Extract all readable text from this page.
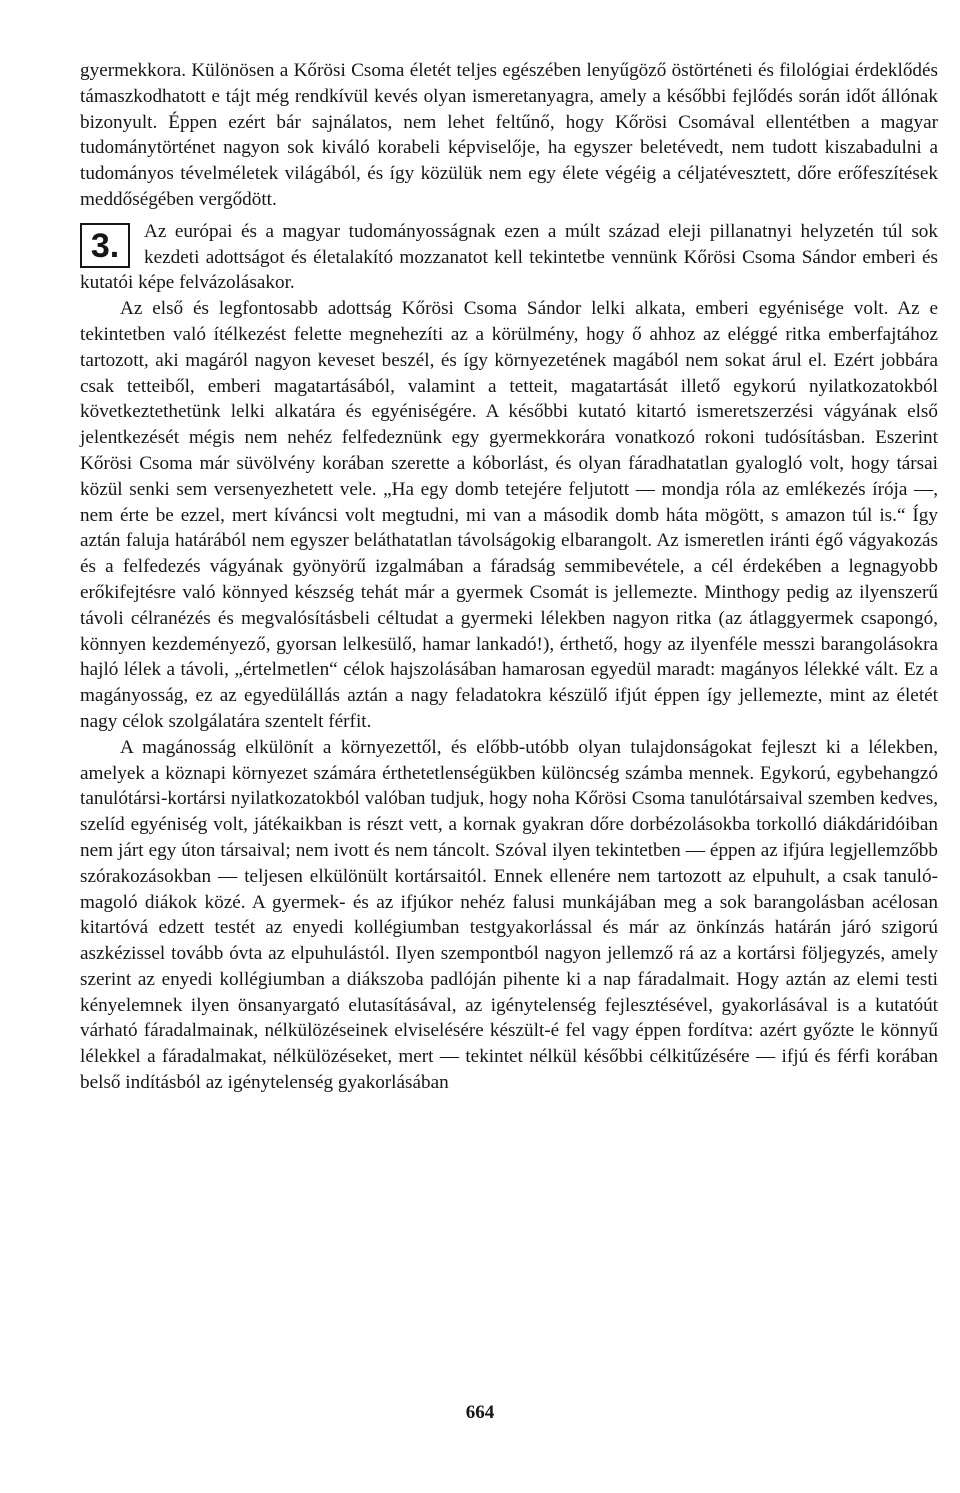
gyermekkora. Különösen a Kőrösi Csoma életét teljes egészében lenyűgöző östörténeti és filológiai érdeklődés támaszkodhatott e tájt még rendkívül kevés olyan ismeretanyagra, amely a későbbi fejlődés során időt állónak bizonyult. Éppen ezért bár sajnálatos, nem lehet feltűnő, hogy Kőrösi Csomával ellentétben a magyar tudománytörténet nagyon sok kiváló korabeli képviselője, ha egyszer beletévedt, nem tudott kiszabadulni a tudományos tévelméletek világából, és így közülük nem egy élete végéig a céljatévesztett, dőre erőfeszítések meddőségében vergődött.

3.	Az európai és a magyar tudományosságnak ezen a múlt század eleji pillanatnyi helyzetén túl sok kezdeti adottságot és életalakító mozzanatot kell tekintetbe vennünk Kőrösi Csoma Sándor emberi és kutatói képe felvázolásakor.

Az első és legfontosabb adottság Kőrösi Csoma Sándor lelki alkata, emberi egyénisége volt. Az e tekintetben való ítélkezést felette megnehezíti az a körülmény, hogy ő ahhoz az eléggé ritka emberfajtához tartozott, aki magáról nagyon keveset beszél, és így környezetének magából nem sokat árul el. Ezért jobbára csak tetteiből, emberi magatartásából, valamint a tetteit, magatartását illető egykorú nyilatkozatokból következtethetünk lelki alkatára és egyéniségére. A későbbi kutató kitartó ismeretszerzési vágyának első jelentkezését mégis nem nehéz felfedeznünk egy gyermekkorára vonatkozó rokoni tudósításban. Eszerint Kőrösi Csoma már süvölvény korában szerette a kóborlást, és olyan fáradhatatlan gyalogló volt, hogy társai közül senki sem versenyezhetett vele. „Ha egy domb tetejére feljutott — mondja róla az emlékezés írója —, nem érte be ezzel, mert kíváncsi volt megtudni, mi van a második domb háta mögött, s amazon túl is.“ Így aztán faluja határából nem egyszer beláthatatlan távolságokig elbarangolt. Az ismeretlen iránti égő vágyakozás és a felfedezés vágyának gyönyörű izgalmában a fáradság semmibevétele, a cél érdekében a legnagyobb erőkifejtésre való könnyed készség tehát már a gyermek Csomát is jellemezte. Minthogy pedig az ilyenszerű távoli célranézés és megvalósításbeli céltudat a gyermeki lélekben nagyon ritka (az átlaggyermek csapongó, könnyen kezdeményező, gyorsan lelkesülő, hamar lankadó!), érthető, hogy az ilyenféle messzi barangolásokra hajló lélek a távoli, „értelmetlen“ célok hajszolásában hamarosan egyedül maradt: magányos lélekké vált. Ez a magányosság, ez az egyedülállás aztán a nagy feladatokra készülő ifjút éppen így jellemezte, mint az életét nagy célok szolgálatára szentelt férfit.

A magánosság elkülönít a környezettől, és előbb-utóbb olyan tulajdonságokat fejleszt ki a lélekben, amelyek a köznapi környezet számára érthetetlenségükben különcség számba mennek. Egykorú, egybehangzó tanulótársi-kortársi nyilatkozatokból valóban tudjuk, hogy noha Kőrösi Csoma tanulótársaival szemben kedves, szelíd egyéniség volt, játékaikban is részt vett, a kornak gyakran dőre dorbézolásokba torkolló diákdáridóiban nem járt egy úton társaival; nem ivott és nem táncolt. Szóval ilyen tekintetben — éppen az ifjúra legjellemzőbb szórakozásokban — teljesen elkülönült kortársaitól. Ennek ellenére nem tartozott az elpuhult, a csak tanuló-magoló diákok közé. A gyermek- és az ifjúkor nehéz falusi munkájában meg a sok barangolásban acélosan kitartóvá edzett testét az enyedi kollégiumban testgyakorlással és már az önkínzás határán járó szigorú aszkézissel tovább óvta az elpuhulástól. Ilyen szempontból nagyon jellemző rá az a kortársi följegyzés, amely szerint az enyedi kollégiumban a diákszoba padlóján pihente ki a nap fáradalmait. Hogy aztán az elemi testi kényelemnek ilyen önsanyargató elutasításával, az igénytelenség fejlesztésével, gyakorlásával is a kutatóút várható fáradalmainak, nélkülözéseinek elviselésére készült-é fel vagy éppen fordítva: azért győzte le könnyű lélekkel a fáradalmakat, nélkülözéseket, mert — tekintet nélkül későbbi célkitűzésére — ifjú és férfi korában belső indításból az igénytelenség gyakorlásában

664
